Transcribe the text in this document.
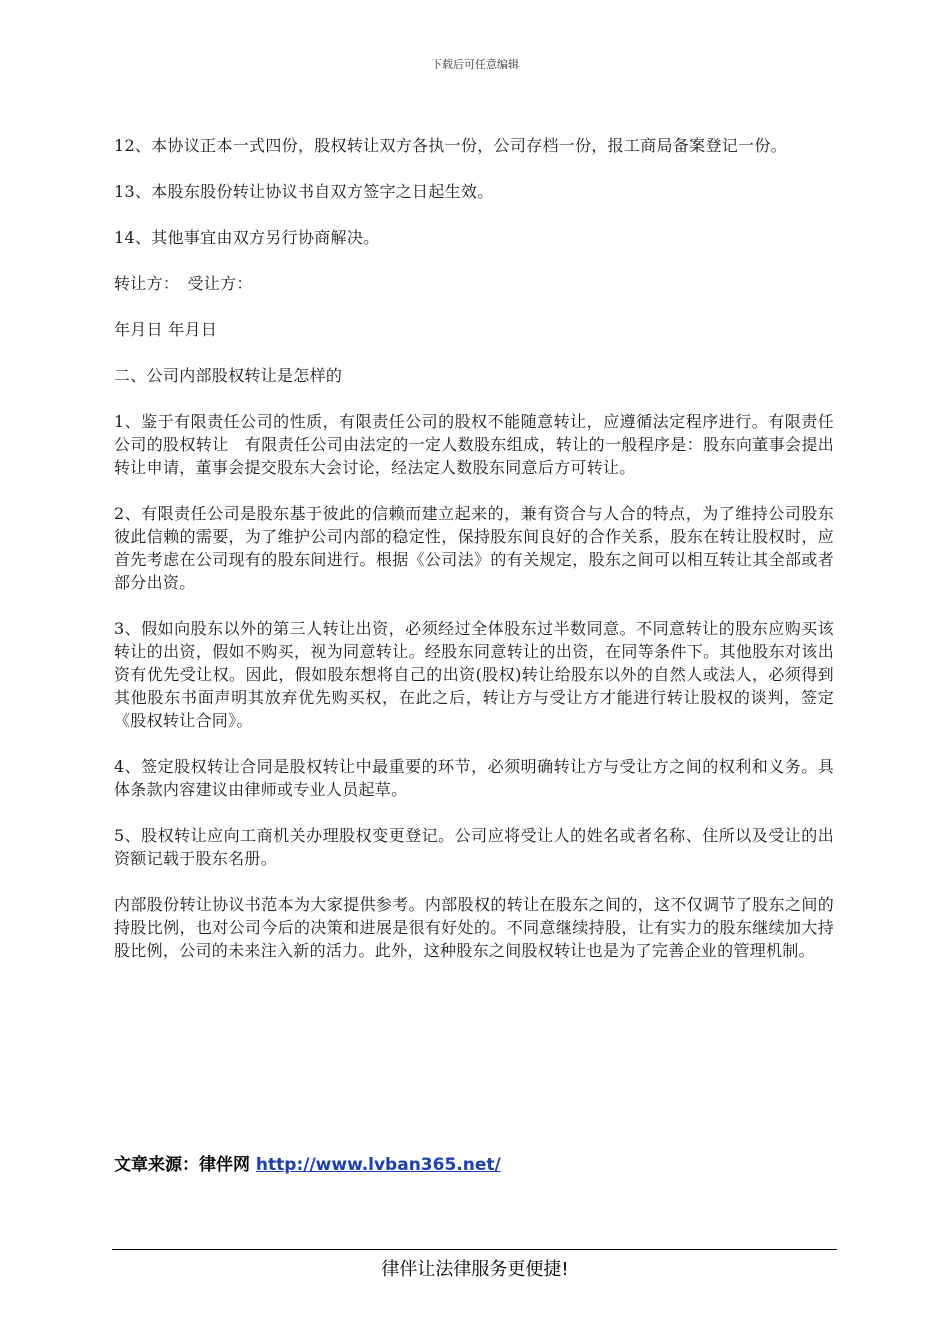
下载后可任意编辑

12、本协议正本一式四份，股权转让双方各执一份，公司存档一份，报工商局备案登记一份。

13、本股东股份转让协议书自双方签字之日起生效。

14、其他事宜由双方另行协商解决。

转让方：　受让方：

年月日 年月日

二、公司内部股权转让是怎样的

1、鉴于有限责任公司的性质，有限责任公司的股权不能随意转让，应遵循法定程序进行。有限责任公司的股权转让　有限责任公司由法定的一定人数股东组成，转让的一般程序是：股东向董事会提出转让申请，董事会提交股东大会讨论，经法定人数股东同意后方可转让。

2、有限责任公司是股东基于彼此的信赖而建立起来的，兼有资合与人合的特点，为了维持公司股东彼此信赖的需要，为了维护公司内部的稳定性，保持股东间良好的合作关系，股东在转让股权时，应首先考虑在公司现有的股东间进行。根据《公司法》的有关规定，股东之间可以相互转让其全部或者部分出资。

3、假如向股东以外的第三人转让出资，必须经过全体股东过半数同意。不同意转让的股东应购买该转让的出资，假如不购买，视为同意转让。经股东同意转让的出资，在同等条件下。其他股东对该出资有优先受让权。因此，假如股东想将自己的出资(股权)转让给股东以外的自然人或法人，必须得到其他股东书面声明其放弃优先购买权，在此之后，转让方与受让方才能进行转让股权的谈判，签定《股权转让合同》。

4、签定股权转让合同是股权转让中最重要的环节，必须明确转让方与受让方之间的权利和义务。具体条款内容建议由律师或专业人员起草。

5、股权转让应向工商机关办理股权变更登记。公司应将受让人的姓名或者名称、住所以及受让的出资额记载于股东名册。

内部股份转让协议书范本为大家提供参考。内部股权的转让在股东之间的，这不仅调节了股东之间的持股比例，也对公司今后的决策和进展是很有好处的。不同意继续持股，让有实力的股东继续加大持股比例，公司的未来注入新的活力。此外，这种股东之间股权转让也是为了完善企业的管理机制。

文章来源：律伴网 http://www.lvban365.net/
律伴让法律服务更便捷!
